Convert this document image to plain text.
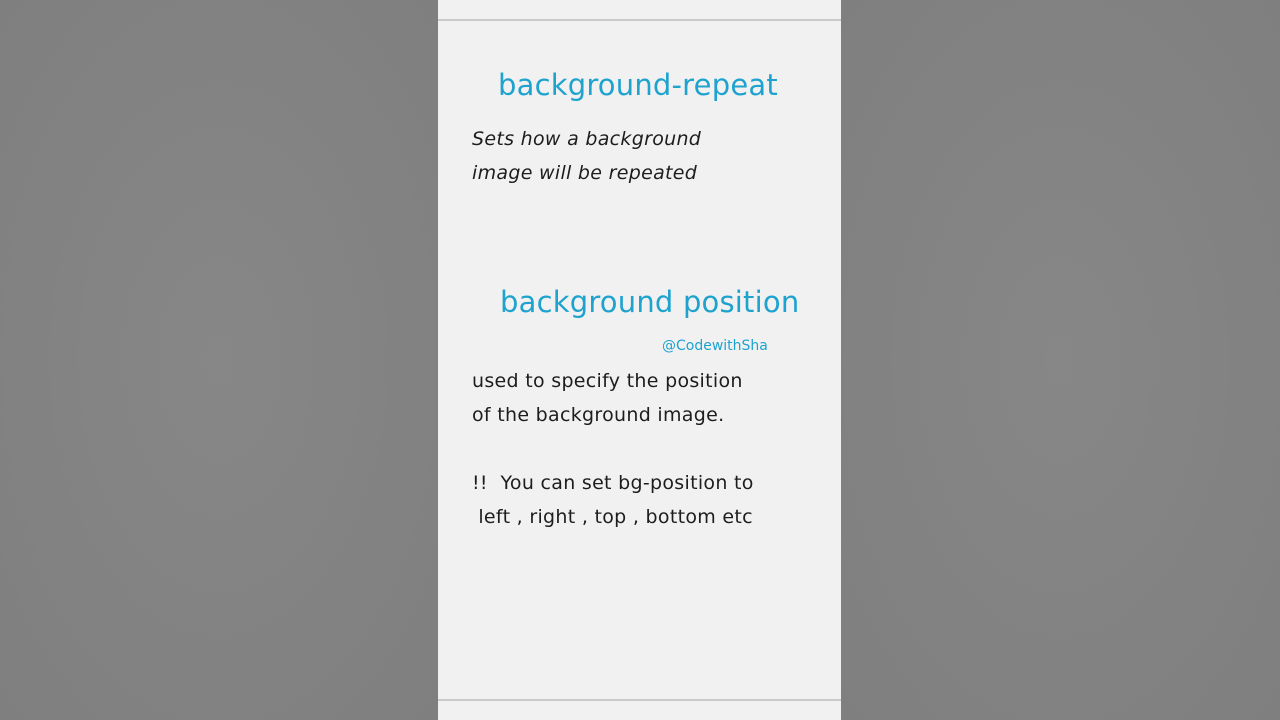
background-repeat
Sets how a background
image will be repeated
background position
@CodewithSha
used to specify the position
of the background image.
!!  You can set bg-position to
left , right , top , bottom etc
